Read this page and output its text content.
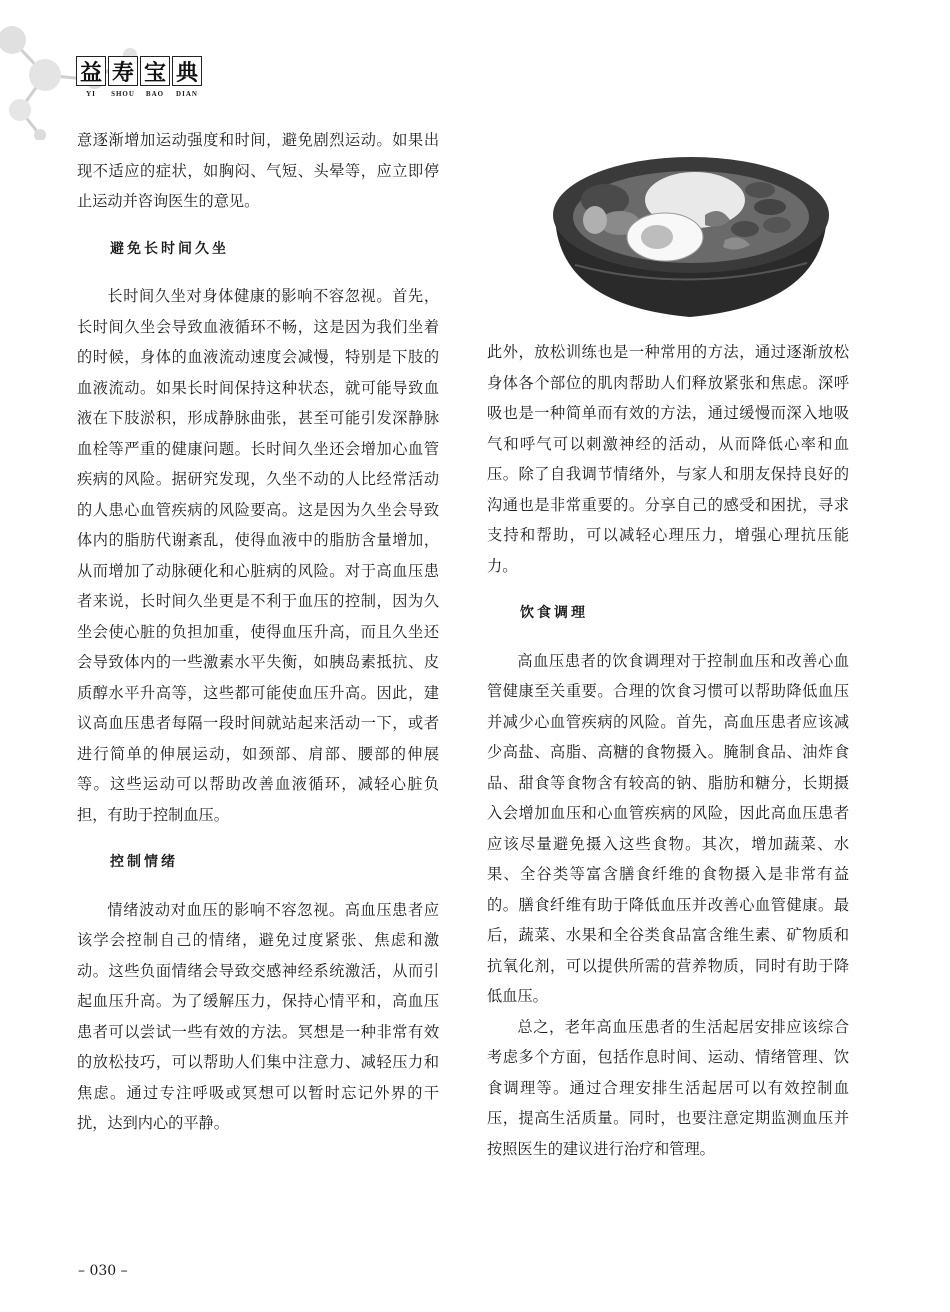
益 寿 宝 典
YI	SHOU	BAO	DIAN

意逐渐增加运动强度和时间，避免剧烈运动。如果出现不适应的症状，如胸闷、气短、头晕等，应立即停止运动并咨询医生的意见。

避免长时间久坐

长时间久坐对身体健康的影响不容忽视。首先，长时间久坐会导致血液循环不畅，这是因为我们坐着的时候，身体的血液流动速度会减慢，特别是下肢的血液流动。如果长时间保持这种状态，就可能导致血液在下肢淤积，形成静脉曲张，甚至可能引发深静脉血栓等严重的健康问题。长时间久坐还会增加心血管疾病的风险。据研究发现，久坐不动的人比经常活动的人患心血管疾病的风险要高。这是因为久坐会导致体内的脂肪代谢紊乱，使得血液中的脂肪含量增加，从而增加了动脉硬化和心脏病的风险。对于高血压患者来说，长时间久坐更是不利于血压的控制，因为久坐会使心脏的负担加重，使得血压升高，而且久坐还会导致体内的一些激素水平失衡，如胰岛素抵抗、皮质醇水平升高等，这些都可能使血压升高。因此，建议高血压患者每隔一段时间就站起来活动一下，或者进行简单的伸展运动，如颈部、肩部、腰部的伸展等。这些运动可以帮助改善血液循环，减轻心脏负担，有助于控制血压。

控制情绪

情绪波动对血压的影响不容忽视。高血压患者应该学会控制自己的情绪，避免过度紧张、焦虑和激动。这些负面情绪会导致交感神经系统激活，从而引起血压升高。为了缓解压力，保持心情平和，高血压患者可以尝试一些有效的方法。冥想是一种非常有效的放松技巧，可以帮助人们集中注意力、减轻压力和焦虑。通过专注呼吸或冥想可以暂时忘记外界的干扰，达到内心的平静。

此外，放松训练也是一种常用的方法，通过逐渐放松身体各个部位的肌肉帮助人们释放紧张和焦虑。深呼吸也是一种简单而有效的方法，通过缓慢而深入地吸气和呼气可以刺激神经的活动，从而降低心率和血压。除了自我调节情绪外，与家人和朋友保持良好的沟通也是非常重要的。分享自己的感受和困扰，寻求支持和帮助，可以减轻心理压力，增强心理抗压能力。

饮食调理

高血压患者的饮食调理对于控制血压和改善心血管健康至关重要。合理的饮食习惯可以帮助降低血压并减少心血管疾病的风险。首先，高血压患者应该减少高盐、高脂、高糖的食物摄入。腌制食品、油炸食品、甜食等食物含有较高的钠、脂肪和糖分，长期摄入会增加血压和心血管疾病的风险，因此高血压患者应该尽量避免摄入这些食物。其次，增加蔬菜、水果、全谷类等富含膳食纤维的食物摄入是非常有益的。膳食纤维有助于降低血压并改善心血管健康。最后，蔬菜、水果和全谷类食品富含维生素、矿物质和抗氧化剂，可以提供所需的营养物质，同时有助于降低血压。

总之，老年高血压患者的生活起居安排应该综合考虑多个方面，包括作息时间、运动、情绪管理、饮食调理等。通过合理安排生活起居可以有效控制血压，提高生活质量。同时，也要注意定期监测血压并按照医生的建议进行治疗和管理。

– 030 –
